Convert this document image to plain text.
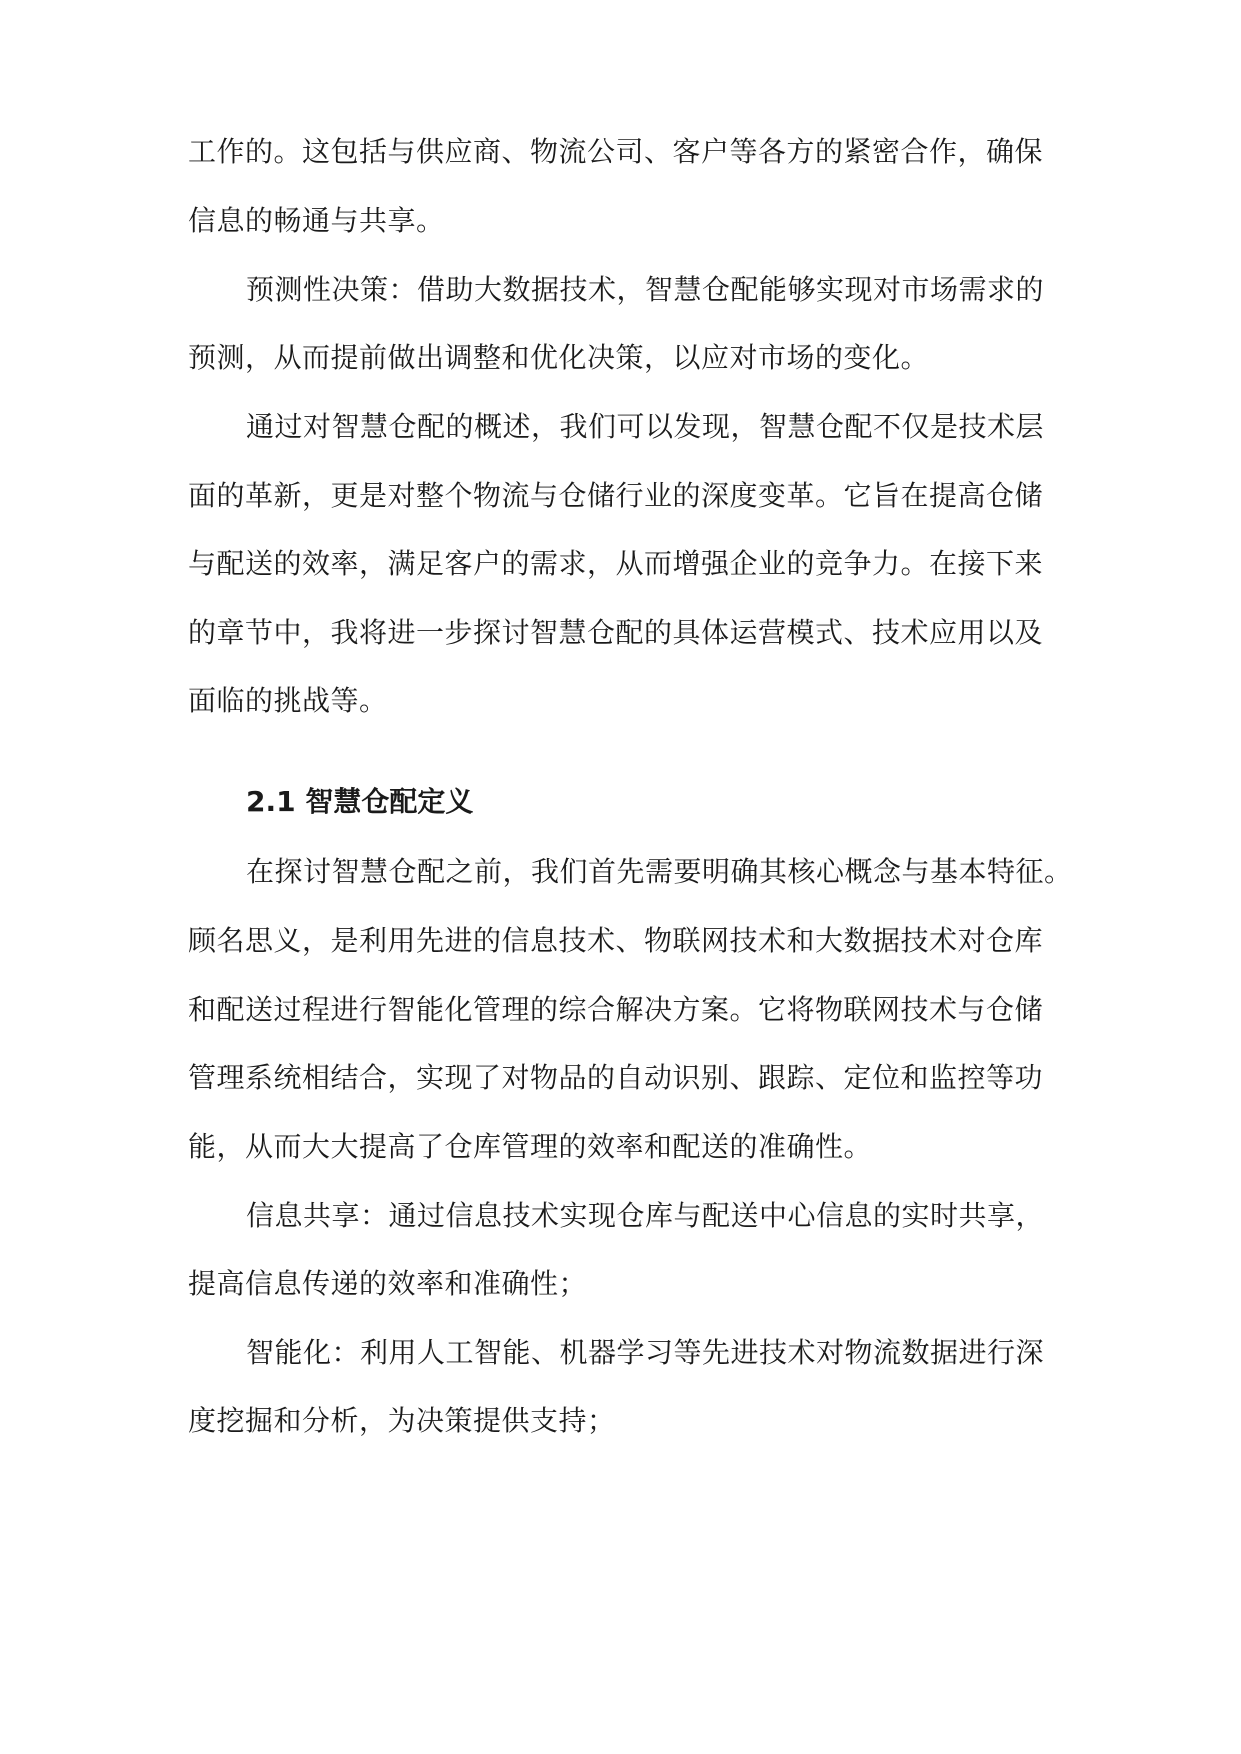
工作的。这包括与供应商、物流公司、客户等各方的紧密合作，确保
信息的畅通与共享。
预测性决策：借助大数据技术，智慧仓配能够实现对市场需求的
预测，从而提前做出调整和优化决策，以应对市场的变化。
通过对智慧仓配的概述，我们可以发现，智慧仓配不仅是技术层
面的革新，更是对整个物流与仓储行业的深度变革。它旨在提高仓储
与配送的效率，满足客户的需求，从而增强企业的竞争力。在接下来
的章节中，我将进一步探讨智慧仓配的具体运营模式、技术应用以及
面临的挑战等。
2.1 智慧仓配定义
在探讨智慧仓配之前，我们首先需要明确其核心概念与基本特征。
顾名思义，是利用先进的信息技术、物联网技术和大数据技术对仓库
和配送过程进行智能化管理的综合解决方案。它将物联网技术与仓储
管理系统相结合，实现了对物品的自动识别、跟踪、定位和监控等功
能，从而大大提高了仓库管理的效率和配送的准确性。
信息共享：通过信息技术实现仓库与配送中心信息的实时共享，
提高信息传递的效率和准确性；
智能化：利用人工智能、机器学习等先进技术对物流数据进行深
度挖掘和分析，为决策提供支持；
